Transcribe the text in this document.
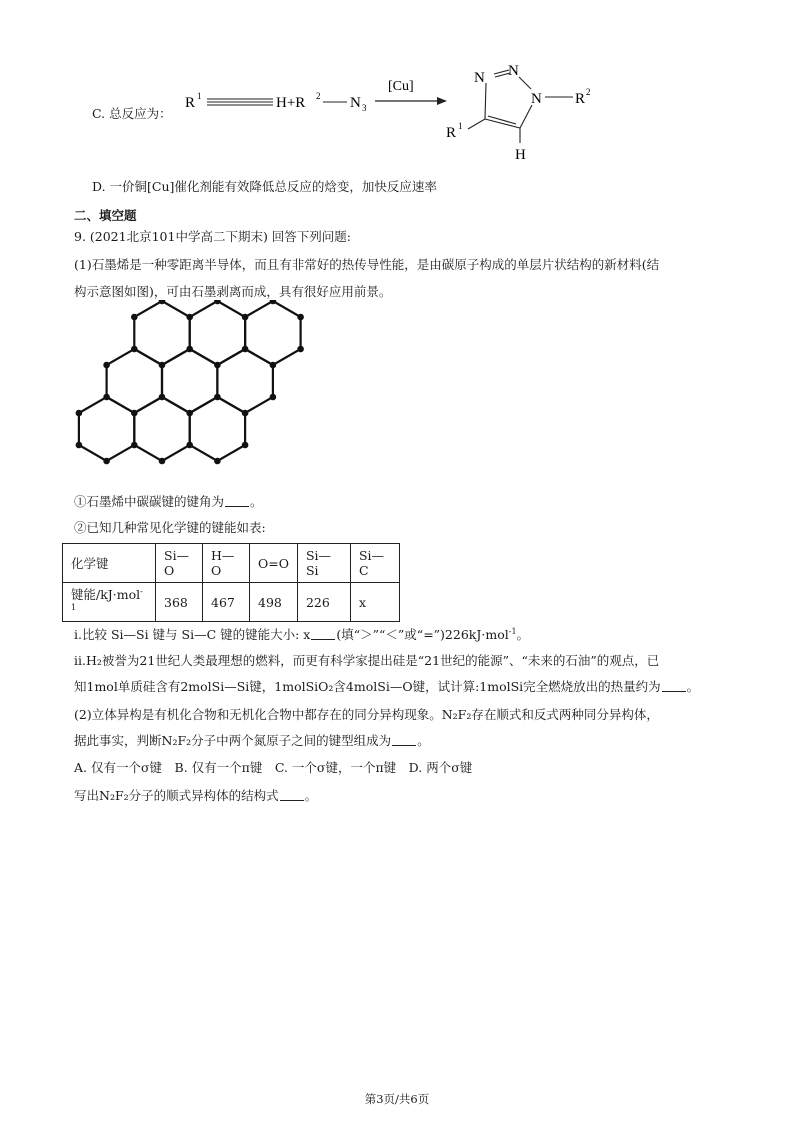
C. 总反应为：
R 1	H+R 2 N 3
[Cu]
N N
N R 2
R 1
H
D. 一价铜[Cu]催化剂能有效降低总反应的焓变，加快反应速率
二、填空题
9. (2021北京101中学高二下期末) 回答下列问题:
(1)石墨烯是一种零距离半导体，而且有非常好的热传导性能，是由碳原子构成的单层片状结构的新材料(结
构示意图如图)，可由石墨剥离而成，具有很好应用前景。
①石墨烯中碳碳键的键角为 。
②已知几种常见化学键的键能如表:
化学键	Si—O	H—O	O=O	Si—Si	Si—C
键能/kJ·mol$^{-1}$	368	467	498	226	x
i.比较 Si—Si 键与 Si—C 键的键能大小: x (填“＞”“＜”或“=”)226kJ·mol$^{-1}$。
ii.H₂被誉为21世纪人类最理想的燃料，而更有科学家提出硅是“21世纪的能源”、“未来的石油”的观点，已
知1mol单质硅含有2molSi—Si键，1molSiO₂含4molSi—O键，试计算:1molSi完全燃烧放出的热量约为 。
(2)立体异构是有机化合物和无机化合物中都存在的同分异构现象。N₂F₂存在顺式和反式两种同分异构体，
据此事实，判断N₂F₂分子中两个氮原子之间的键型组成为 。
A. 仅有一个σ键　B. 仅有一个π键　C. 一个σ键，一个π键　D. 两个σ键
写出N₂F₂分子的顺式异构体的结构式 。
第3页/共6页
